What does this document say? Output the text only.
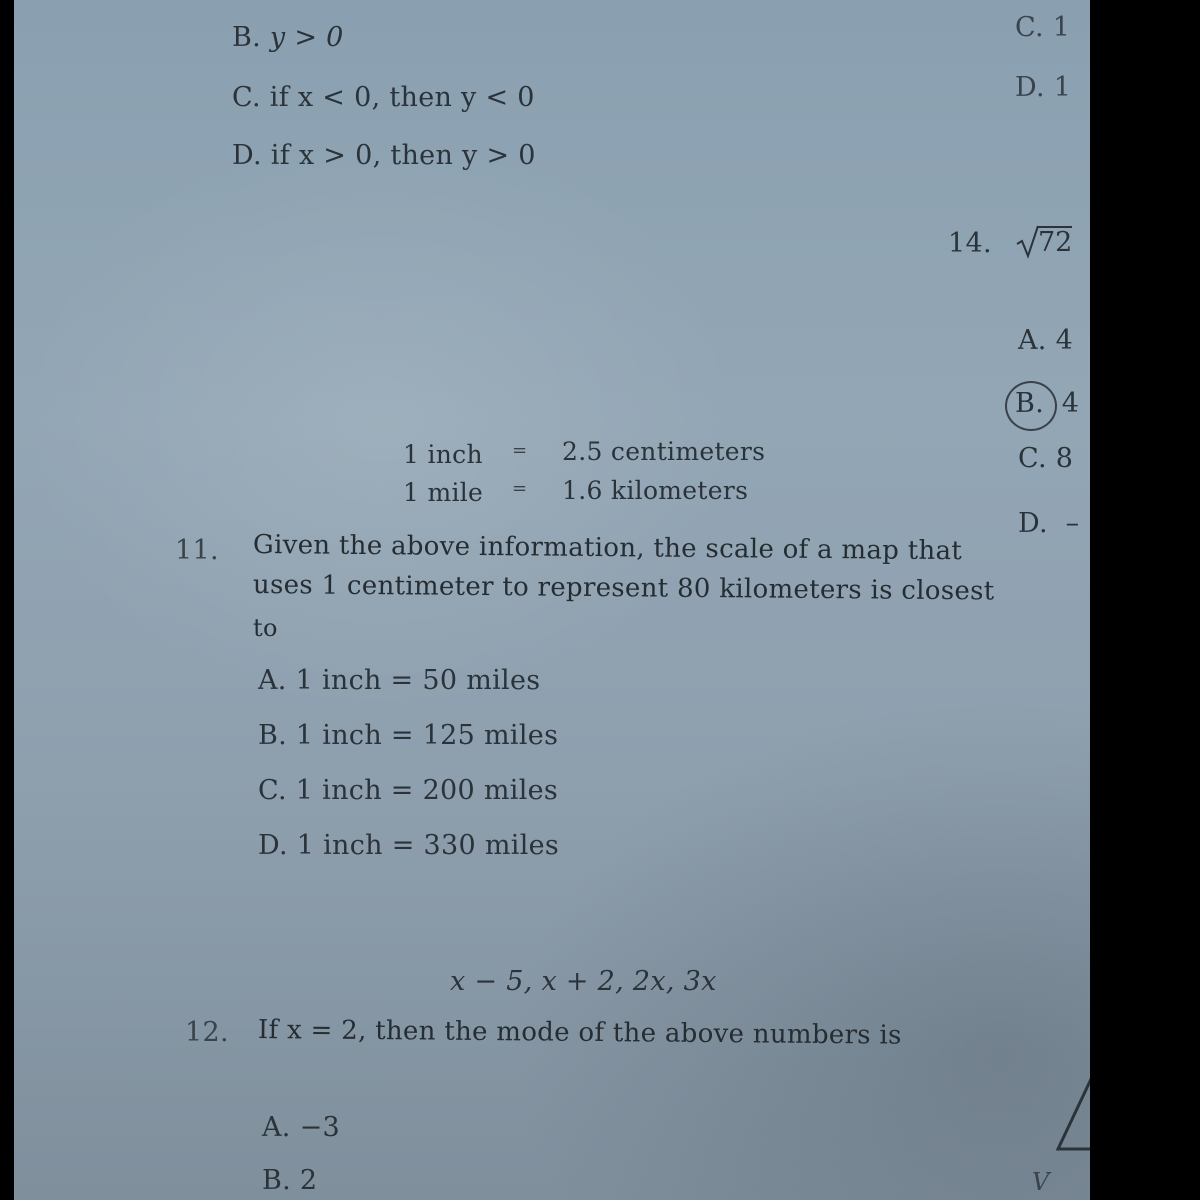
B. y > 0
C. if x < 0, then y < 0
D. if x > 0, then y > 0
C. 1
D. 1
14. 72
A. 4
B. 4
C. 8
D. –
1 inch = 2.5 centimeters
1 mile = 1.6 kilometers
11. Given the above information, the scale of a map that
uses 1 centimeter to represent 80 kilometers is closest
to
A. 1 inch = 50 miles
B. 1 inch = 125 miles
C. 1 inch = 200 miles
D. 1 inch = 330 miles
x − 5, x + 2, 2x, 3x
12. If x = 2, then the mode of the above numbers is
A. −3
B. 2	V
